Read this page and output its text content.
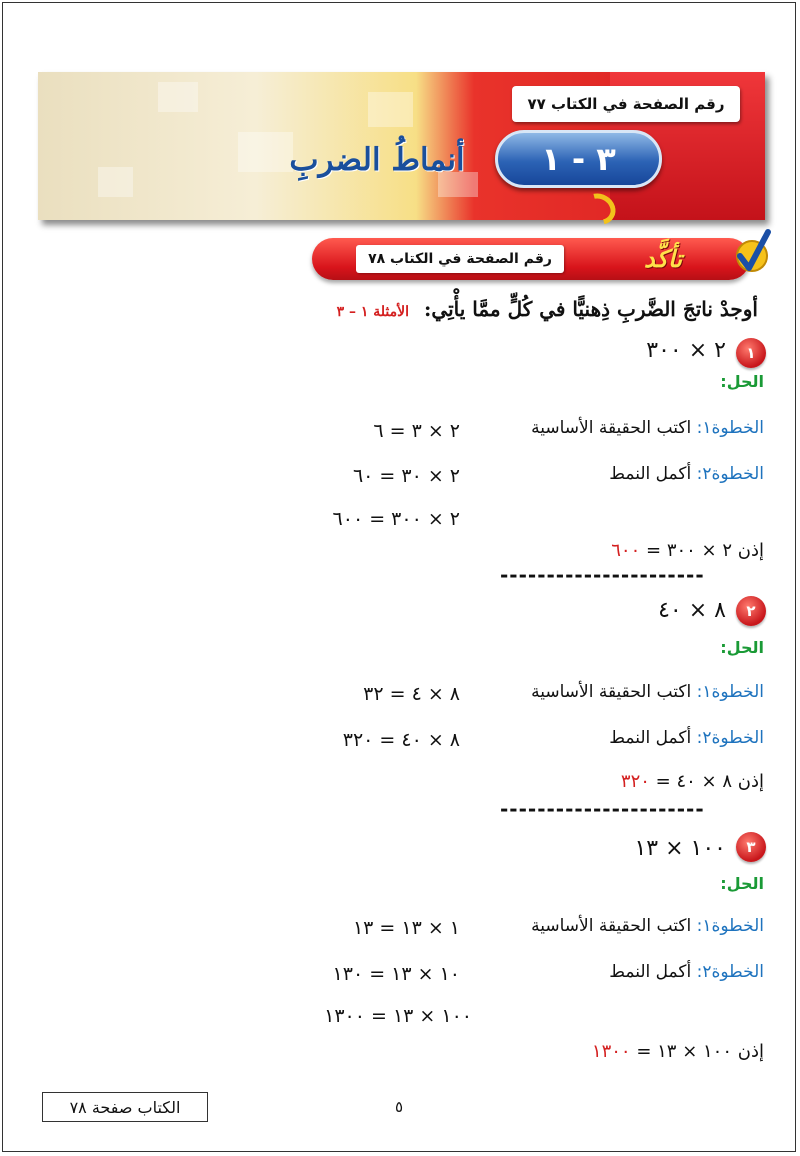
رقم الصفحة في الكتاب ٧٧
٣ - ١
أنماطُ الضربِ
رقم الصفحة في الكتاب ٧٨	تأكَّد
أوجدْ ناتجَ الضَّربِ ذِهنيًّا في كُلٍّ ممَّا يأْتِي: الأمثلة ١ – ٣
١
٢ × ٣٠٠
الحل:
الخطوة١: اكتب الحقيقة الأساسية
٢ × ٣ = ٦
الخطوة٢: أكمل النمط
٢ × ٣٠ = ٦٠
٢ × ٣٠٠ = ٦٠٠
إذن ٢ × ٣٠٠ = ٦٠٠
----------------------
٢
٨ × ٤٠
الحل:
الخطوة١: اكتب الحقيقة الأساسية
٨ × ٤ = ٣٢
الخطوة٢: أكمل النمط
٨ × ٤٠ = ٣٢٠
إذن ٨ × ٤٠ = ٣٢٠
----------------------
٣
١٠٠ × ١٣
الحل:
الخطوة١: اكتب الحقيقة الأساسية
١ × ١٣ = ١٣
الخطوة٢: أكمل النمط
١٠ × ١٣ = ١٣٠
١٠٠ × ١٣ = ١٣٠٠
إذن ١٠٠ × ١٣ = ١٣٠٠
الكتاب صفحة ٧٨	٥
